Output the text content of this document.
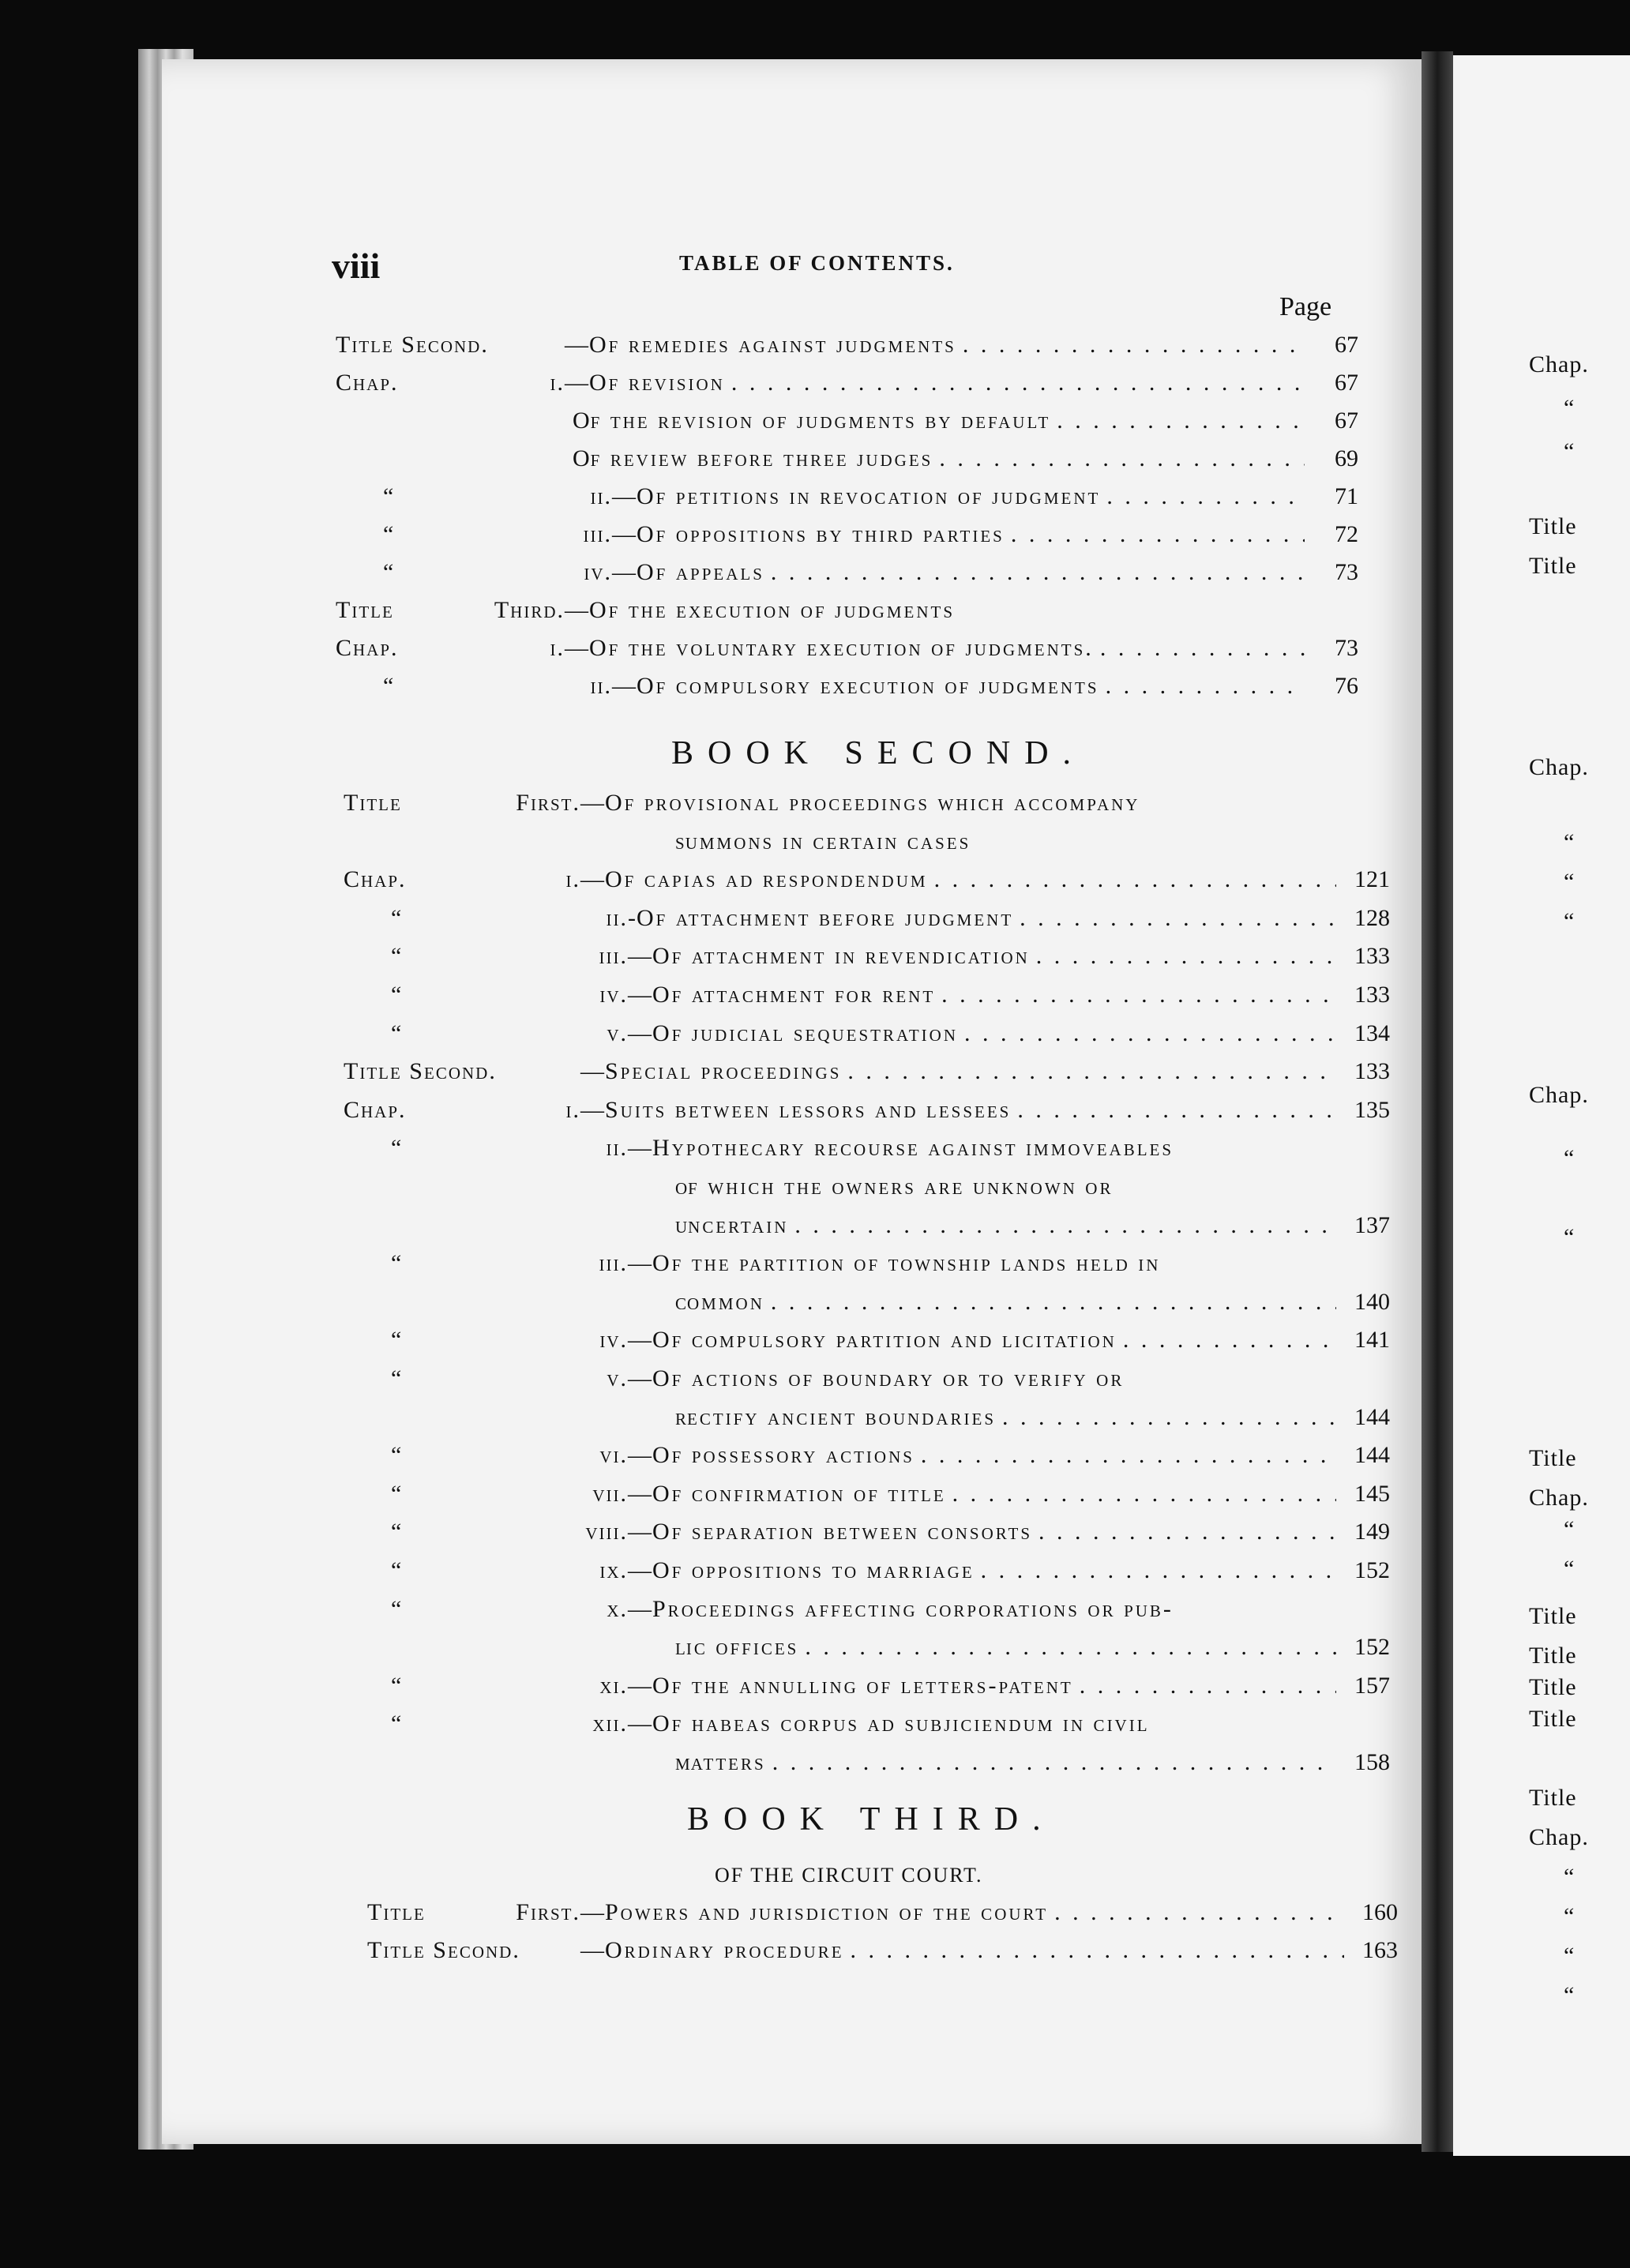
viii	TABLE OF CONTENTS.
Page
Title Second.	—Of remedies against judgments . . .	67
Chap.	i. —Of revision . . .	67
Of the revision of judgments by default . . .	67
Of review before three judges . . .	69
“	ii. —Of petitions in revocation of judgment . . .	71
“	iii. —Of oppositions by third parties . . .	72
“	iv. —Of appeals . . .	73
Title	Third. —Of the execution of judgments
Chap.	i. —Of the voluntary execution of judgments. . . .	73
“	ii. —Of compulsory execution of judgments . . .	76
BOOK SECOND.
Title	First. —Of provisional proceedings which accompany
summons in certain cases
Chap.	i. —Of capias ad respondendum . . .	121
“	ii. -Of attachment before judgment . . .	128
“	iii. —Of attachment in revendication . . .	133
“	iv. —Of attachment for rent . . .	133
“	v. —Of judicial sequestration . . .	134
Title Second.	—Special proceedings . . .	133
Chap.	i. —Suits between lessors and lessees . . .	135
“	ii. —Hypothecary recourse against immoveables
of which the owners are unknown or
uncertain . . .	137
“	iii. —Of the partition of township lands held in
common . . .	140
“	iv. —Of compulsory partition and licitation . . .	141
“	v. —Of actions of boundary or to verify or
rectify ancient boundaries . . .	144
“	vi. —Of possessory actions . . .	144
“	vii. —Of confirmation of title . . .	145
“	viii. —Of separation between consorts . . .	149
“	ix. —Of oppositions to marriage . . .	152
“	x. —Proceedings affecting corporations or pub-
lic offices . . .	152
“	xi. —Of the annulling of letters-patent . . .	157
“	xii. —Of habeas corpus ad subjiciendum in civil
matters . . .	158
BOOK THIRD.
OF THE CIRCUIT COURT.
Title	First. —Powers and jurisdiction of the court . . .	160
Title Second.	—Ordinary procedure . . .	163
Chap.
“
“
Title
Title
Chap.
“
“
“
Chap.
“
“
Title
Chap.
“
“
Title
Title
Title
Title
Title
Chap.
“
“
“
“
